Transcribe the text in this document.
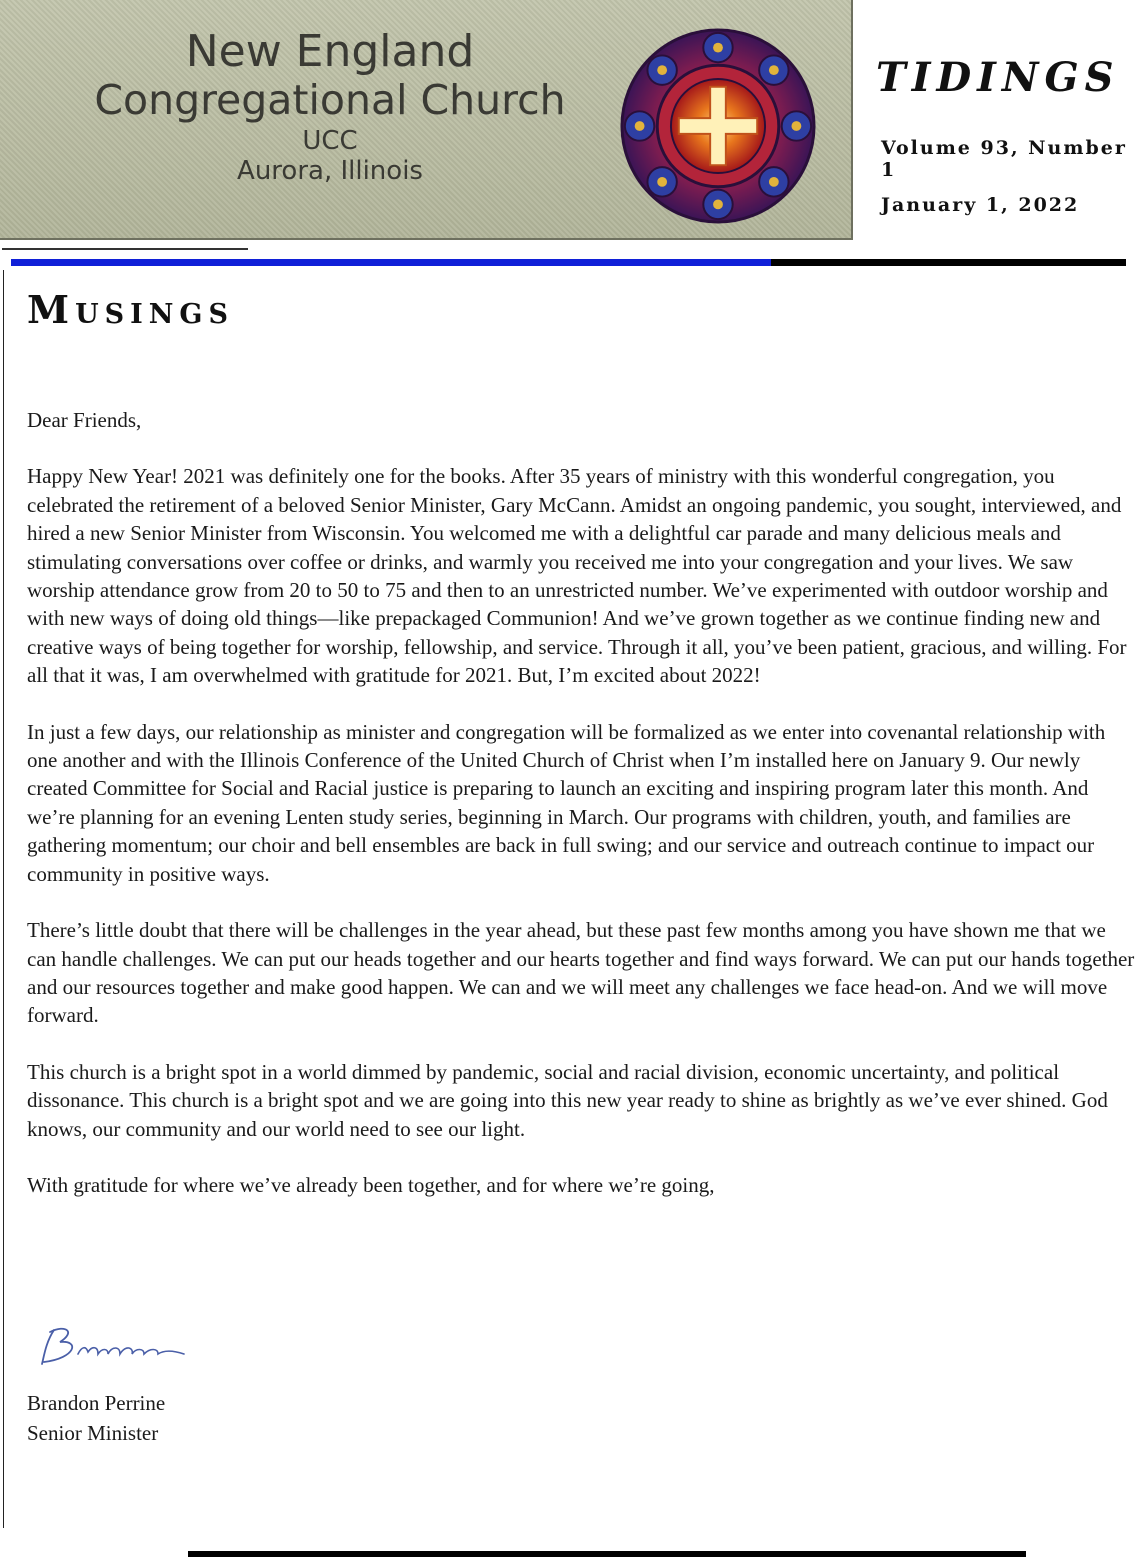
New England
Congregational Church
UCC
Aurora, Illinois
TIDINGS
Volume 93, Number 1
January 1, 2022
Musings

Dear Friends,

Happy New Year! 2021 was definitely one for the books. After 35 years of ministry with this wonderful congregation, you celebrated the retirement of a beloved Senior Minister, Gary McCann. Amidst an ongoing pandemic, you sought, interviewed, and hired a new Senior Minister from Wisconsin. You welcomed me with a delightful car parade and many delicious meals and stimulating conversations over coffee or drinks, and warmly you received me into your congregation and your lives. We saw worship attendance grow from 20 to 50 to 75 and then to an unrestricted number. We’ve experimented with outdoor worship and with new ways of doing old things—like prepackaged Communion! And we’ve grown together as we continue finding new and creative ways of being together for worship, fellowship, and service. Through it all, you’ve been patient, gracious, and willing. For all that it was, I am overwhelmed with gratitude for 2021. But, I’m excited about 2022!

In just a few days, our relationship as minister and congregation will be formalized as we enter into covenantal relationship with one another and with the Illinois Conference of the United Church of Christ when I’m installed here on January 9. Our newly created Committee for Social and Racial justice is preparing to launch an exciting and inspiring program later this month. And we’re planning for an evening Lenten study series, beginning in March. Our programs with children, youth, and families are gathering momentum; our choir and bell ensembles are back in full swing; and our service and outreach continue to impact our community in positive ways.

There’s little doubt that there will be challenges in the year ahead, but these past few months among you have shown me that we can handle challenges. We can put our heads together and our hearts together and find ways forward. We can put our hands together and our resources together and make good happen. We can and we will meet any challenges we face head-on. And we will move forward.

This church is a bright spot in a world dimmed by pandemic, social and racial division, economic uncertainty, and political dissonance. This church is a bright spot and we are going into this new year ready to shine as brightly as we’ve ever shined. God knows, our community and our world need to see our light.

With gratitude for where we’ve already been together, and for where we’re going,

Brandon Perrine
Senior Minister
